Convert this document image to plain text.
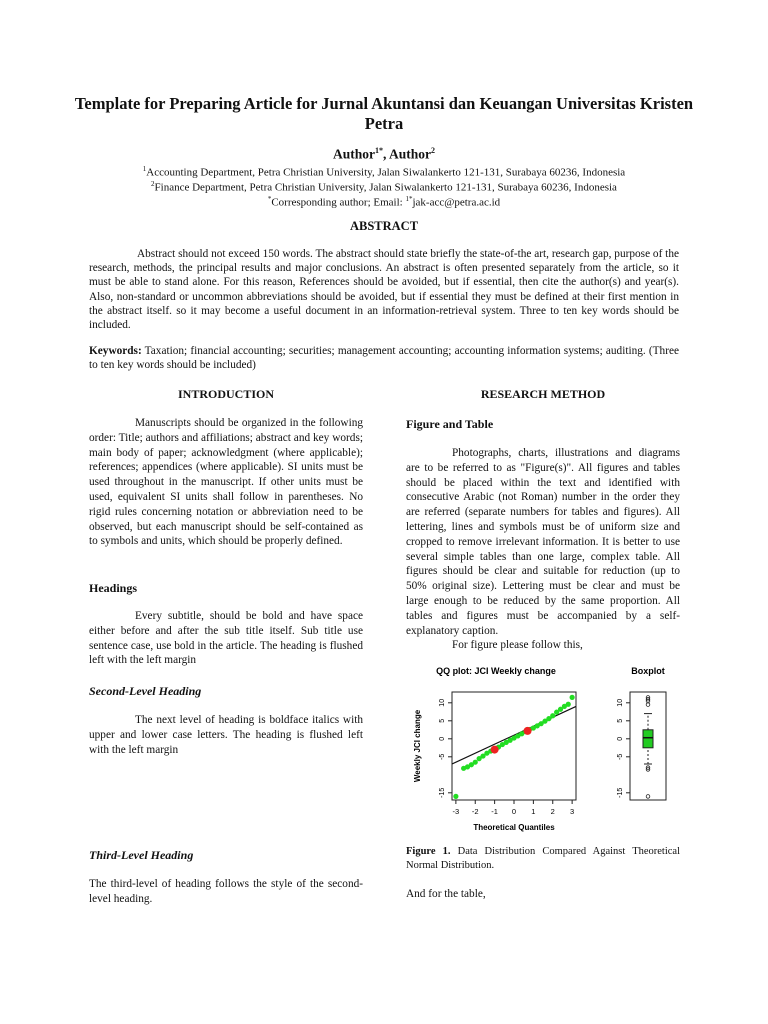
Template for Preparing Article for Jurnal Akuntansi dan Keuangan Universitas Kristen Petra
Author$^{1*}$, Author$^2$
$^1$Accounting Department, Petra Christian University, Jalan Siwalankerto 121-131, Surabaya 60236, Indonesia
$^2$Finance Department, Petra Christian University, Jalan Siwalankerto 121-131, Surabaya 60236, Indonesia
*Corresponding author; Email: $^{1*}$jak-acc@petra.ac.id
ABSTRACT
Abstract should not exceed 150 words. The abstract should state briefly the state-of-the art, research gap, purpose of the research, methods, the principal results and major conclusions. An abstract is often presented separately from the article, so it must be able to stand alone. For this reason, References should be avoided, but if essential, then cite the author(s) and year(s). Also, non-standard or uncommon abbreviations should be avoided, but if essential they must be defined at their first mention in the abstract itself. so it may become a useful document in an information-retrieval system. Three to ten key words should be included.
Keywords: Taxation; financial accounting; securities; management accounting; accounting information systems; auditing. (Three to ten key words should be included)
INTRODUCTION

Manuscripts should be organized in the following order: Title; authors and affiliations; abstract and key words; main body of paper; acknowledgment (where applicable); references; appendices (where applicable). SI units must be used throughout in the manuscript. If other units must be used, equivalent SI units shall follow in parentheses. No rigid rules concerning notation or abbreviation need to be observed, but each manuscript should be self-contained as to symbols and units, which should be properly defined.

Headings

Every subtitle, should be bold and have space either before and after the sub title itself. Sub title use sentence case, use bold in the article. The heading is flushed left with the left margin

Second-Level Heading

The next level of heading is boldface italics with upper and lower case letters. The heading is flushed left with the left margin

Third-Level Heading

The third-level of heading follows the style of the second-level heading.

RESEARCH METHOD
Figure and Table

Photographs, charts, illustrations and diagrams are to be referred to as "Figure(s)". All figures and tables should be placed within the text and identified with consecutive Arabic (not Roman) number in the order they are referred (separate numbers for tables and figures). All lettering, lines and symbols must be of uniform size and cropped to remove irrelevant information. It is better to use several simple tables than one large, complex table. All figures should be clear and suitable for reduction (up to 50% original size). Lettering must be clear and must be large enough to be reduced by the same proportion. All tables and figures must be accompanied by a self-explanatory caption.

For figure please follow this,

QQ plot: JCI Weekly change	Boxplot
-15
-5
0
5
10
-3 -2 -1 0 1 2 3
-15
-5
0
5
10
Weekly JCI change
Theoretical Quantiles
Figure 1. Data Distribution Compared Against Theoretical Normal Distribution.
And for the table,
